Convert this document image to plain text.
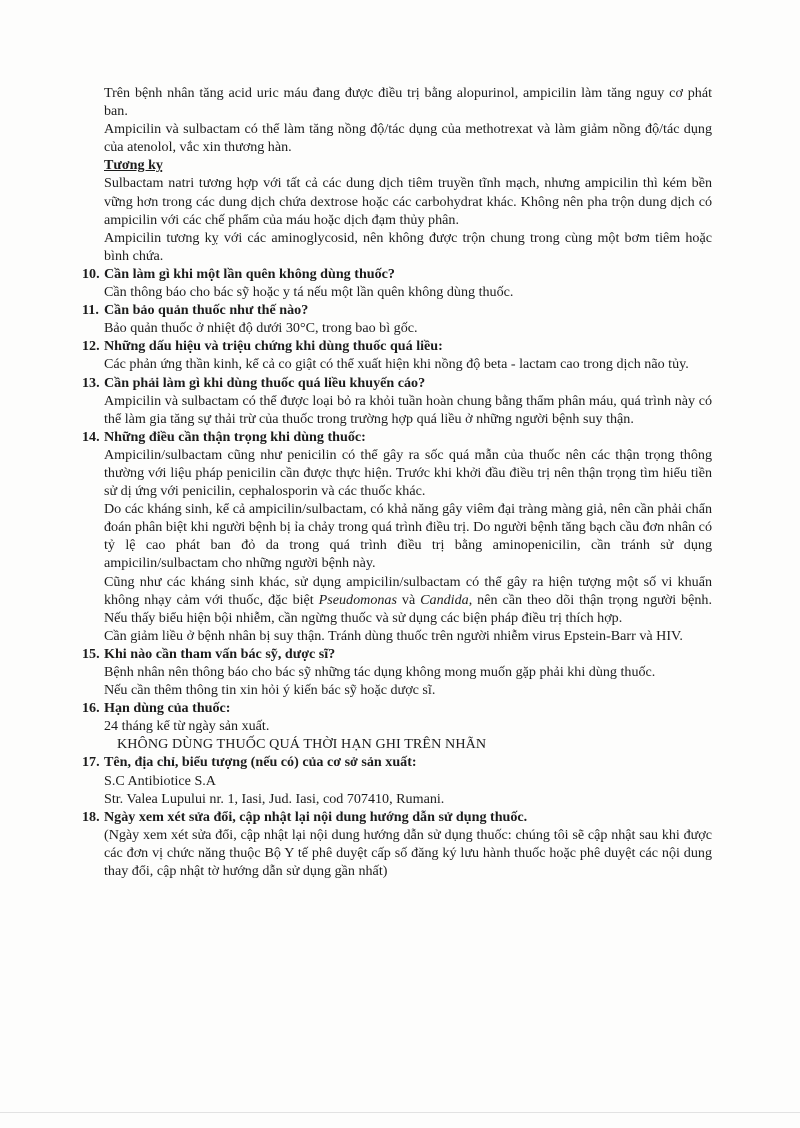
Trên bệnh nhân tăng acid uric máu đang được điều trị bằng alopurinol, ampicilin làm tăng nguy cơ phát ban.

Ampicilin và sulbactam có thể làm tăng nồng độ/tác dụng của methotrexat và làm giảm nồng độ/tác dụng của atenolol, vắc xin thương hàn.

Tương kỵ

Sulbactam natri tương hợp với tất cả các dung dịch tiêm truyền tĩnh mạch, nhưng ampicilin thì kém bền vững hơn trong các dung dịch chứa dextrose hoặc các carbohydrat khác. Không nên pha trộn dung dịch có ampicilin với các chế phẩm của máu hoặc dịch đạm thủy phân.

Ampicilin tương kỵ với các aminoglycosid, nên không được trộn chung trong cùng một bơm tiêm hoặc bình chứa.

10. Cần làm gì khi một lần quên không dùng thuốc?

Cần thông báo cho bác sỹ hoặc y tá nếu một lần quên không dùng thuốc.

11. Cần bảo quản thuốc như thế nào?

Bảo quản thuốc ở nhiệt độ dưới 30°C, trong bao bì gốc.

12. Những dấu hiệu và triệu chứng khi dùng thuốc quá liều:

Các phản ứng thần kinh, kể cả co giật có thể xuất hiện khi nồng độ beta - lactam cao trong dịch não tủy.

13. Cần phải làm gì khi dùng thuốc quá liều khuyến cáo?

Ampicilin và sulbactam có thể được loại bỏ ra khỏi tuần hoàn chung bằng thẩm phân máu, quá trình này có thể làm gia tăng sự thải trừ của thuốc trong trường hợp quá liều ở những người bệnh suy thận.

14. Những điều cần thận trọng khi dùng thuốc:

Ampicilin/sulbactam cũng như penicilin có thể gây ra sốc quá mẫn của thuốc nên các thận trọng thông thường với liệu pháp penicilin cần được thực hiện. Trước khi khởi đầu điều trị nên thận trọng tìm hiểu tiền sử dị ứng với penicilin, cephalosporin và các thuốc khác.

Do các kháng sinh, kể cả ampicilin/sulbactam, có khả năng gây viêm đại tràng màng giả, nên cần phải chẩn đoán phân biệt khi người bệnh bị ỉa chảy trong quá trình điều trị. Do người bệnh tăng bạch cầu đơn nhân có tỷ lệ cao phát ban đỏ da trong quá trình điều trị bằng aminopenicilin, cần tránh sử dụng ampicilin/sulbactam cho những người bệnh này.

Cũng như các kháng sinh khác, sử dụng ampicilin/sulbactam có thể gây ra hiện tượng một số vi khuẩn không nhạy cảm với thuốc, đặc biệt Pseudomonas và Candida, nên cần theo dõi thận trọng người bệnh. Nếu thấy biểu hiện bội nhiễm, cần ngừng thuốc và sử dụng các biện pháp điều trị thích hợp.

Cần giảm liều ở bệnh nhân bị suy thận. Tránh dùng thuốc trên người nhiễm virus Epstein-Barr và HIV.

15. Khi nào cần tham vấn bác sỹ, dược sĩ?

Bệnh nhân nên thông báo cho bác sỹ những tác dụng không mong muốn gặp phải khi dùng thuốc.

Nếu cần thêm thông tin xin hỏi ý kiến bác sỹ hoặc dược sĩ.

16. Hạn dùng của thuốc:

24 tháng kể từ ngày sản xuất.

KHÔNG DÙNG THUỐC QUÁ THỜI HẠN GHI TRÊN NHÃN

17. Tên, địa chỉ, biểu tượng (nếu có) của cơ sở sản xuất:

S.C Antibiotice S.A

Str. Valea Lupului nr. 1, Iasi, Jud. Iasi, cod 707410, Rumani.

18. Ngày xem xét sửa đổi, cập nhật lại nội dung hướng dẫn sử dụng thuốc.

(Ngày xem xét sửa đổi, cập nhật lại nội dung hướng dẫn sử dụng thuốc: chúng tôi sẽ cập nhật sau khi được các đơn vị chức năng thuộc Bộ Y tế phê duyệt cấp số đăng ký lưu hành thuốc hoặc phê duyệt các nội dung thay đổi, cập nhật tờ hướng dẫn sử dụng gần nhất)
